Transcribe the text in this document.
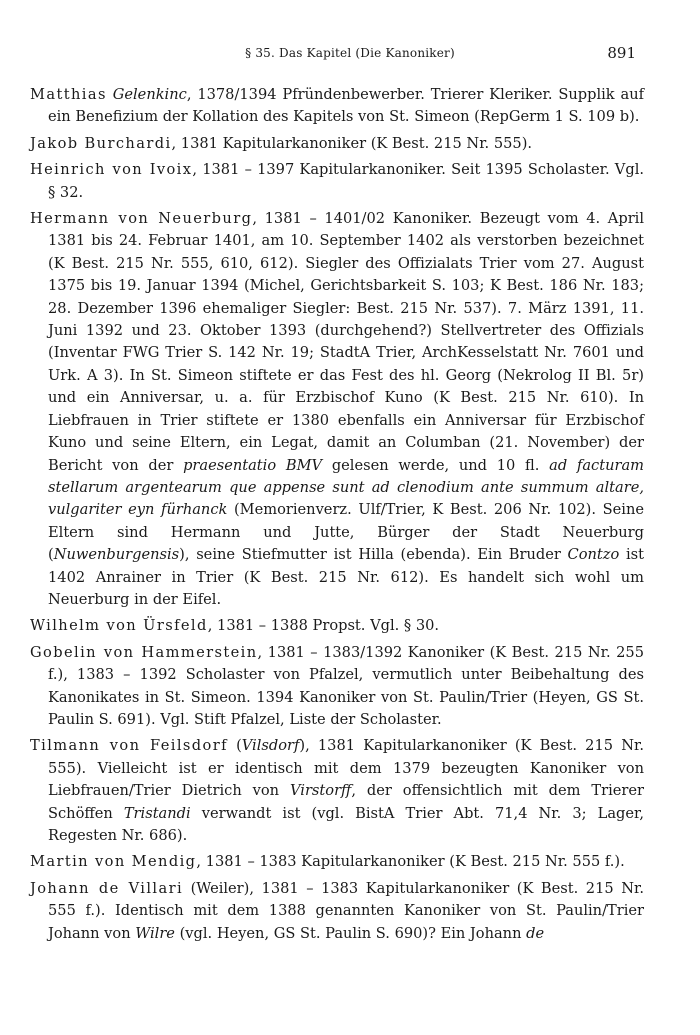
§ 35. Das Kapitel (Die Kanoniker)	891

Matthias Gelenkinc, 1378/1394 Pfründenbewerber. Trierer Kleriker. Supplik auf ein Benefizium der Kollation des Kapitels von St. Simeon (RepGerm 1 S. 109 b).

Jakob Burchardi, 1381 Kapitularkanoniker (K Best. 215 Nr. 555).

Heinrich von Ivoix, 1381 – 1397 Kapitularkanoniker. Seit 1395 Scholaster. Vgl. § 32.

Hermann von Neuerburg, 1381 – 1401/02 Kanoniker. Bezeugt vom 4. April 1381 bis 24. Februar 1401, am 10. September 1402 als verstorben bezeichnet (K Best. 215 Nr. 555, 610, 612). Siegler des Offizialats Trier vom 27. August 1375 bis 19. Januar 1394 (Michel, Gerichtsbarkeit S. 103; K Best. 186 Nr. 183; 28. Dezember 1396 ehemaliger Siegler: Best. 215 Nr. 537). 7. März 1391, 11. Juni 1392 und 23. Oktober 1393 (durchgehend?) Stellvertreter des Offizials (Inventar FWG Trier S. 142 Nr. 19; StadtA Trier, ArchKesselstatt Nr. 7601 und Urk. A 3). In St. Simeon stiftete er das Fest des hl. Georg (Nekrolog II Bl. 5r) und ein Anniversar, u. a. für Erzbischof Kuno (K Best. 215 Nr. 610). In Liebfrauen in Trier stiftete er 1380 ebenfalls ein Anniversar für Erzbischof Kuno und seine Eltern, ein Legat, damit an Columban (21. November) der Bericht von der praesentatio BMV gelesen werde, und 10 fl. ad facturam stellarum argentearum que appense sunt ad clenodium ante summum altare, vulgariter eyn fürhanck (Memorienverz. Ulf/Trier, K Best. 206 Nr. 102). Seine Eltern sind Hermann und Jutte, Bürger der Stadt Neuerburg (Nuwenburgensis), seine Stiefmutter ist Hilla (ebenda). Ein Bruder Contzo ist 1402 Anrainer in Trier (K Best. 215 Nr. 612). Es handelt sich wohl um Neuerburg in der Eifel.

Wilhelm von Ürsfeld, 1381 – 1388 Propst. Vgl. § 30.

Gobelin von Hammerstein, 1381 – 1383/1392 Kanoniker (K Best. 215 Nr. 255 f.), 1383 – 1392 Scholaster von Pfalzel, vermutlich unter Beibehaltung des Kanonikates in St. Simeon. 1394 Kanoniker von St. Paulin/Trier (Heyen, GS St. Paulin S. 691). Vgl. Stift Pfalzel, Liste der Scholaster.

Tilmann von Feilsdorf (Vilsdorf), 1381 Kapitularkanoniker (K Best. 215 Nr. 555). Vielleicht ist er identisch mit dem 1379 bezeugten Kanoniker von Liebfrauen/Trier Dietrich von Virstorff, der offensichtlich mit dem Trierer Schöffen Tristandi verwandt ist (vgl. BistA Trier Abt. 71,4 Nr. 3; Lager, Regesten Nr. 686).

Martin von Mendig, 1381 – 1383 Kapitularkanoniker (K Best. 215 Nr. 555 f.).

Johann de Villari (Weiler), 1381 – 1383 Kapitularkanoniker (K Best. 215 Nr. 555 f.). Identisch mit dem 1388 genannten Kanoniker von St. Paulin/Trier Johann von Wilre (vgl. Heyen, GS St. Paulin S. 690)? Ein Johann de
